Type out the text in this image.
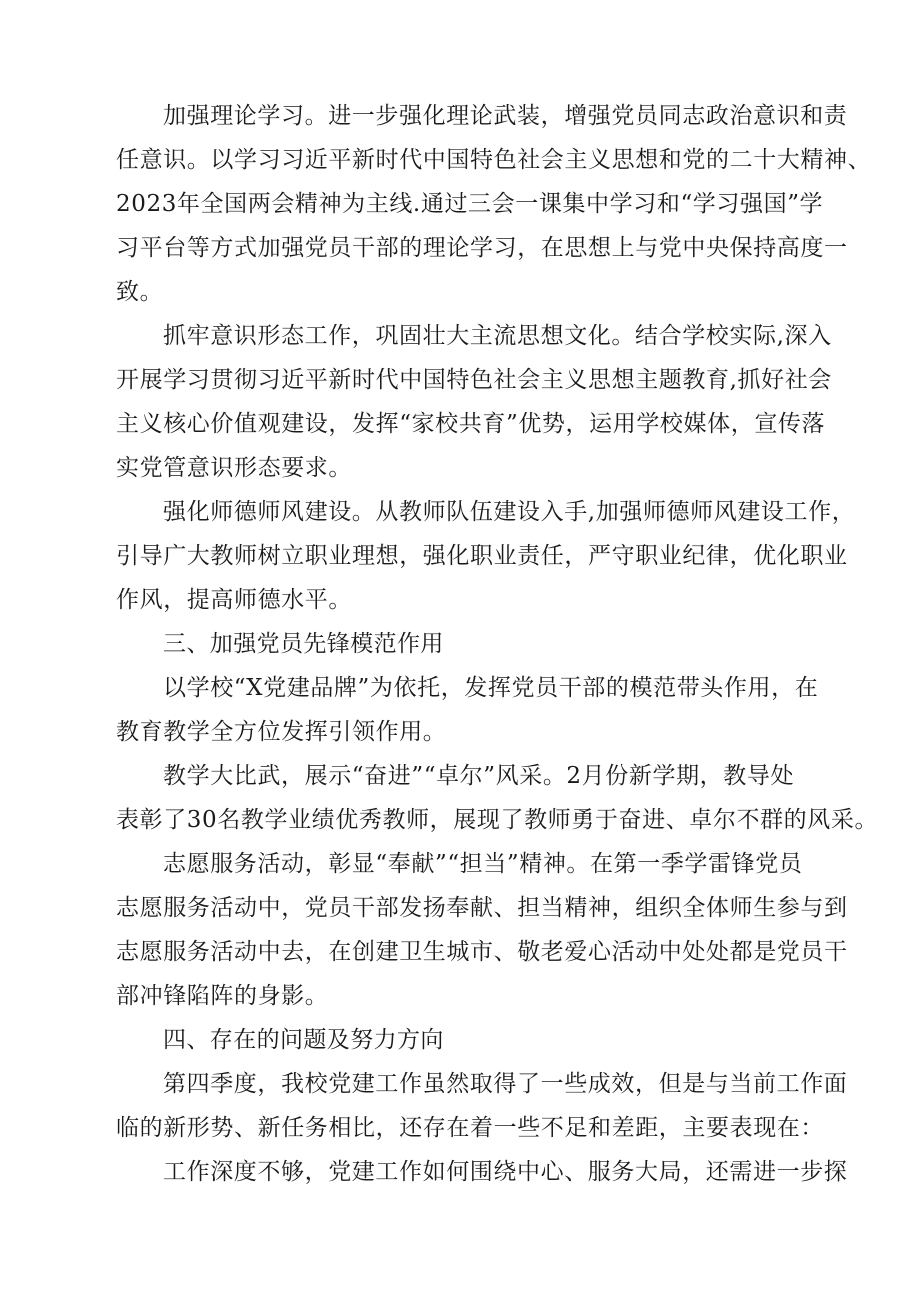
加强理论学习。进一步强化理论武装，增强党员同志政治意识和责
任意识。以学习习近平新时代中国特色社会主义思想和党的二十大精神、
2023年全国两会精神为主线.通过三会一课集中学习和“学习强国”学
习平台等方式加强党员干部的理论学习，在思想上与党中央保持高度一
致。
抓牢意识形态工作，巩固壮大主流思想文化。结合学校实际,深入
开展学习贯彻习近平新时代中国特色社会主义思想主题教育,抓好社会
主义核心价值观建设，发挥“家校共育”优势，运用学校媒体，宣传落
实党管意识形态要求。
强化师德师风建设。从教师队伍建设入手,加强师德师风建设工作，
引导广大教师树立职业理想，强化职业责任，严守职业纪律，优化职业
作风，提高师德水平。
三、加强党员先锋模范作用
以学校“X党建品牌”为依托，发挥党员干部的模范带头作用，在
教育教学全方位发挥引领作用。
教学大比武，展示“奋进”“卓尔”风采。2月份新学期，教导处
表彰了30名教学业绩优秀教师，展现了教师勇于奋进、卓尔不群的风采。
志愿服务活动，彰显“奉献”“担当”精神。在第一季学雷锋党员
志愿服务活动中，党员干部发扬奉献、担当精神，组织全体师生参与到
志愿服务活动中去，在创建卫生城市、敬老爱心活动中处处都是党员干
部冲锋陷阵的身影。
四、存在的问题及努力方向
第四季度，我校党建工作虽然取得了一些成效，但是与当前工作面
临的新形势、新任务相比，还存在着一些不足和差距，主要表现在：
工作深度不够，党建工作如何围绕中心、服务大局，还需进一步探
